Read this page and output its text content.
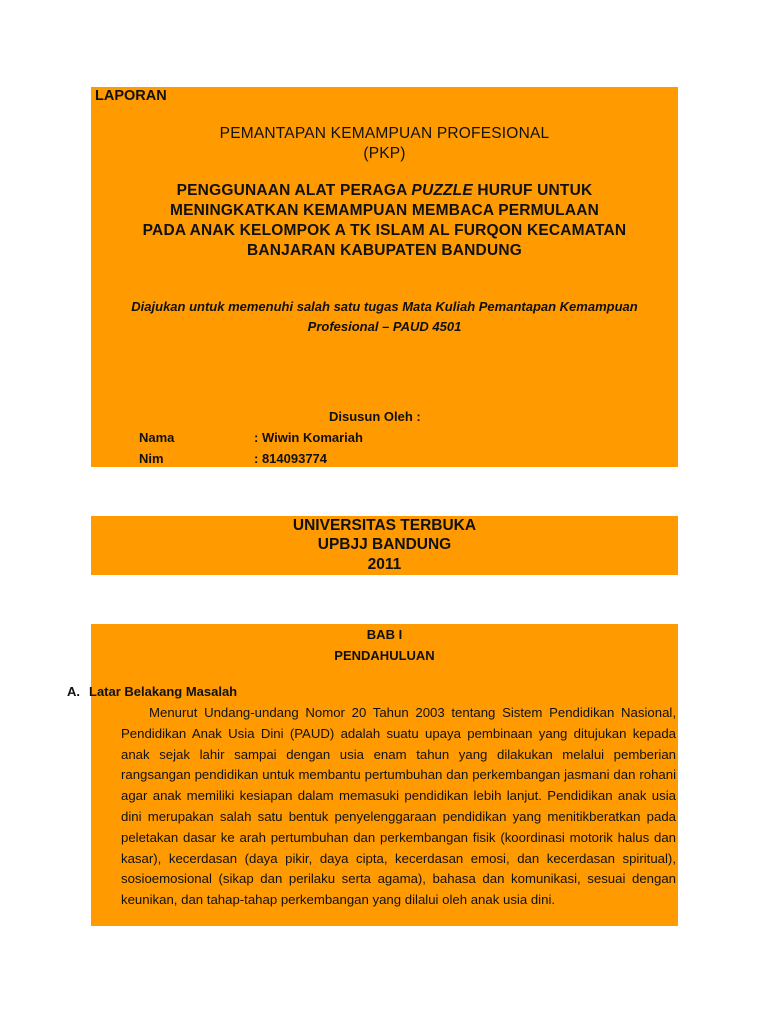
LAPORAN
PEMANTAPAN KEMAMPUAN PROFESIONAL
(PKP)
PENGGUNAAN ALAT PERAGA PUZZLE HURUF UNTUK
MENINGKATKAN KEMAMPUAN MEMBACA PERMULAAN
PADA ANAK KELOMPOK A TK ISLAM AL FURQON KECAMATAN
BANJARAN KABUPATEN BANDUNG
Diajukan untuk memenuhi salah satu tugas Mata Kuliah Pemantapan Kemampuan
Profesional – PAUD 4501
Disusun Oleh :
Nama	: Wiwin Komariah
Nim	: 814093774
UNIVERSITAS TERBUKA
UPBJJ BANDUNG
2011
BAB I
PENDAHULUAN
A. Latar Belakang Masalah

Menurut Undang-undang Nomor 20 Tahun 2003 tentang Sistem Pendidikan Nasional, Pendidikan Anak Usia Dini (PAUD) adalah suatu upaya pembinaan yang ditujukan kepada anak sejak lahir sampai dengan usia enam tahun yang dilakukan melalui pemberian rangsangan pendidikan untuk membantu pertumbuhan dan perkembangan jasmani dan rohani agar anak memiliki kesiapan dalam memasuki pendidikan lebih lanjut. Pendidikan anak usia dini merupakan salah satu bentuk penyelenggaraan pendidikan yang menitikberatkan pada peletakan dasar ke arah pertumbuhan dan perkembangan fisik (koordinasi motorik halus dan kasar), kecerdasan (daya pikir, daya cipta, kecerdasan emosi, dan kecerdasan spiritual), sosioemosional (sikap dan perilaku serta agama), bahasa dan komunikasi, sesuai dengan keunikan, dan tahap-tahap perkembangan yang dilalui oleh anak usia dini.
